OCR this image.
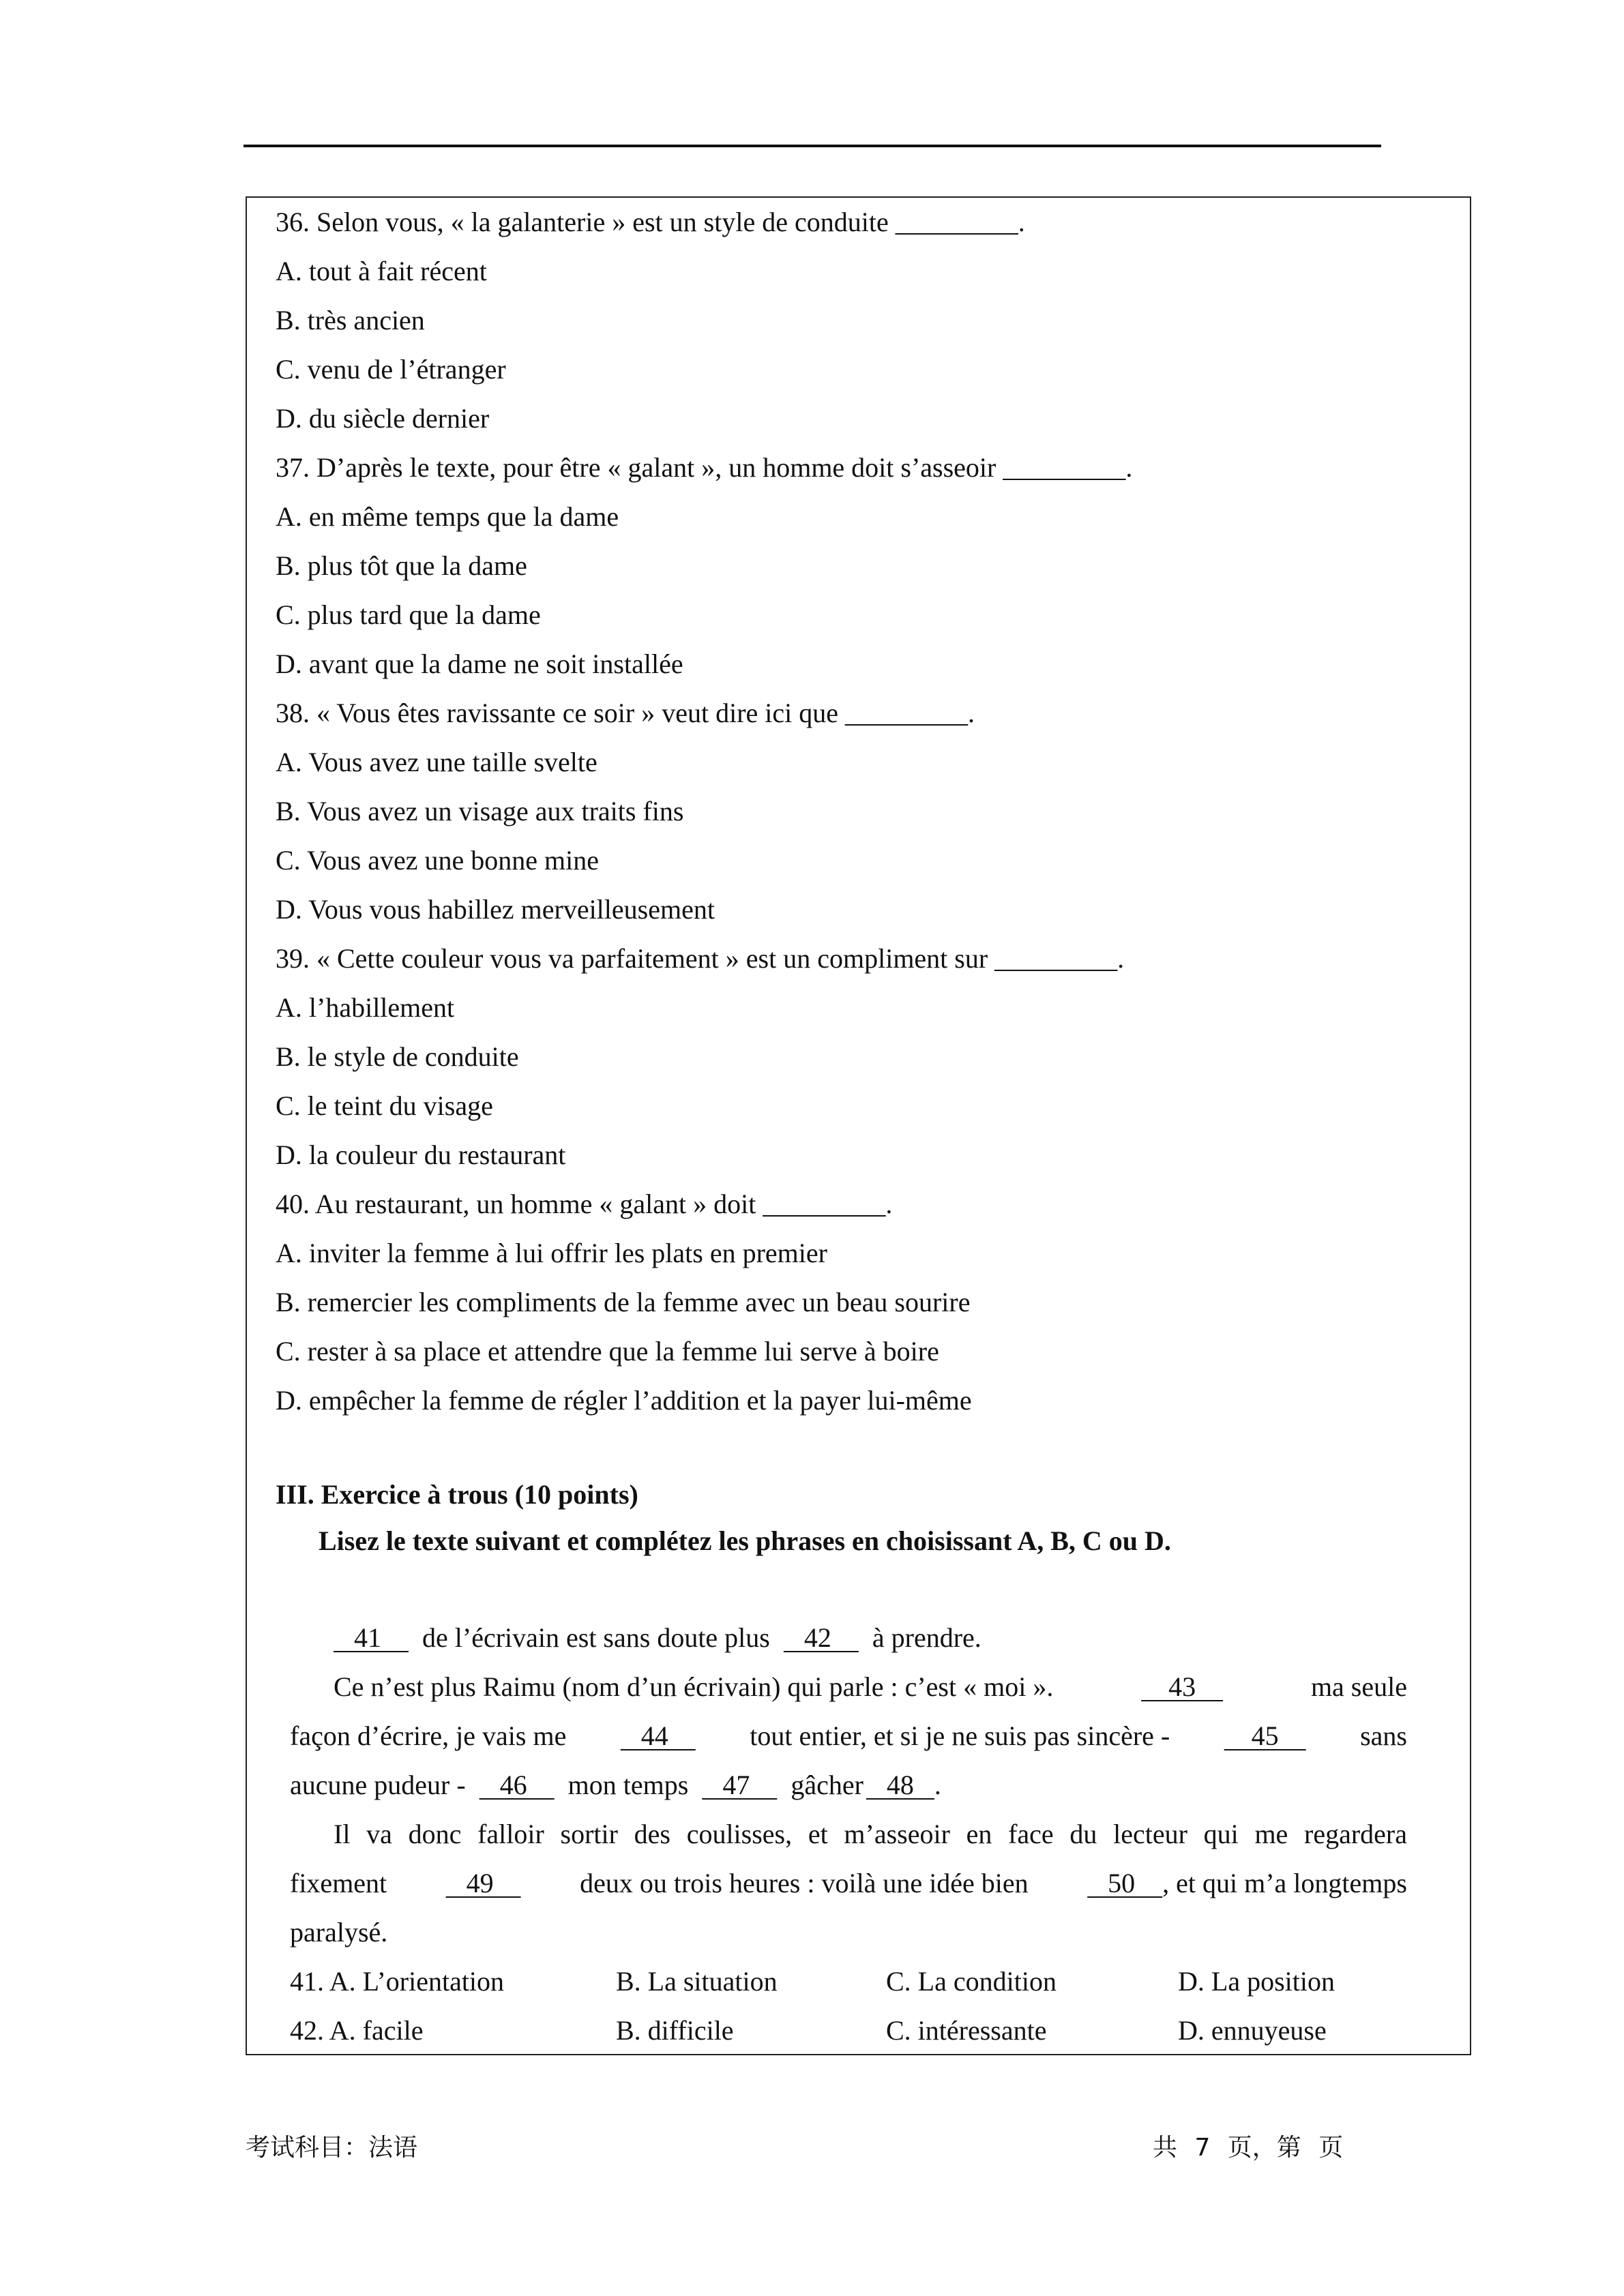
36. Selon vous, « la galanterie » est un style de conduite _________.
A. tout à fait récent
B. très ancien
C. venu de l’étranger
D. du siècle dernier
37. D’après le texte, pour être « galant », un homme doit s’asseoir _________.
A. en même temps que la dame
B. plus tôt que la dame
C. plus tard que la dame
D. avant que la dame ne soit installée
38. « Vous êtes ravissante ce soir » veut dire ici que _________.
A. Vous avez une taille svelte
B. Vous avez un visage aux traits fins
C. Vous avez une bonne mine
D. Vous vous habillez merveilleusement
39. « Cette couleur vous va parfaitement » est un compliment sur _________.
A. l’habillement
B. le style de conduite
C. le teint du visage
D. la couleur du restaurant
40. Au restaurant, un homme « galant » doit _________.
A. inviter la femme à lui offrir les plats en premier
B. remercier les compliments de la femme avec un beau sourire
C. rester à sa place et attendre que la femme lui serve à boire
D. empêcher la femme de régler l’addition et la payer lui-même
III. Exercice à trous (10 points)
Lisez le texte suivant et complétez les phrases en choisissant A, B, C ou D.
41 de l’écrivain est sans doute plus 42 à prendre.
Ce n’est plus Raimu (nom d’un écrivain) qui parle : c’est « moi ».	43	ma seule
façon d’écrire, je vais me 44 tout entier, et si je ne suis pas sincère - 45 sans
aucune pudeur - 46 mon temps 47 gâcher 48   .
Il va donc falloir sortir des coulisses, et m’asseoir en face du lecteur qui me regardera
fixement 49 deux ou trois heures : voilà une idée bien 50    , et qui m’a longtemps
paralysé.
41. A. L’orientation	B. La situation	C. La condition	D. La position
42. A. facile	B. difficile	C. intéressante	D. ennuyeuse
考试科目：法语	共 7 页，第 页
